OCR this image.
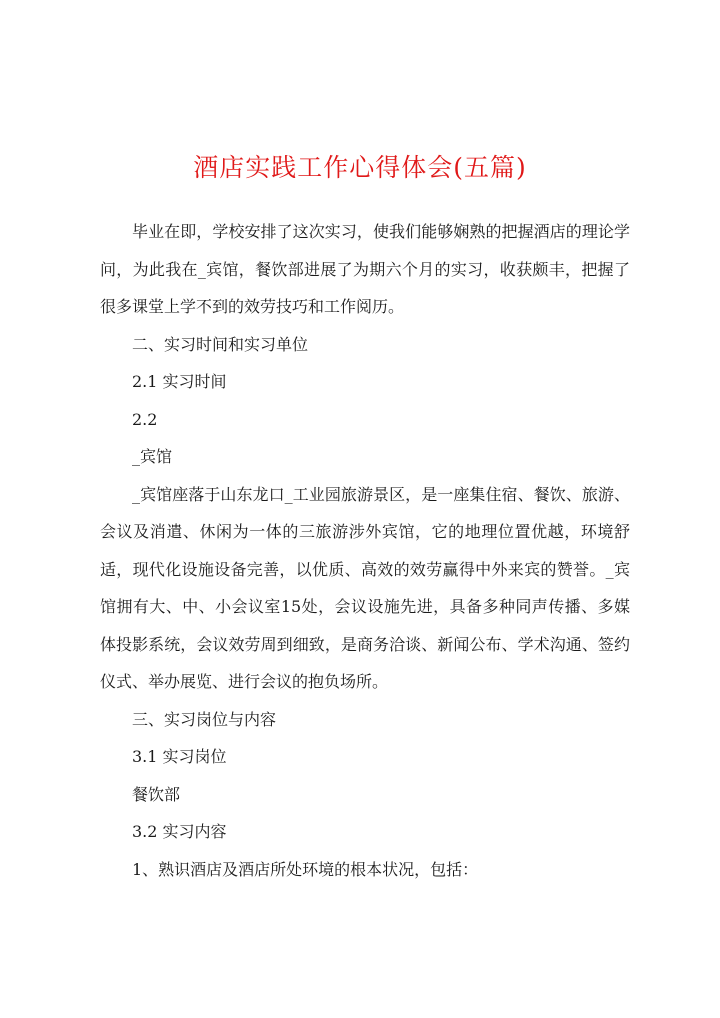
酒店实践工作心得体会(五篇)

毕业在即，学校安排了这次实习，使我们能够娴熟的把握酒店的理论学问，为此我在_宾馆，餐饮部进展了为期六个月的实习，收获颇丰，把握了很多课堂上学不到的效劳技巧和工作阅历。

二、实习时间和实习单位

2.1 实习时间

2.2

_宾馆

_宾馆座落于山东龙口_工业园旅游景区，是一座集住宿、餐饮、旅游、会议及消遣、休闲为一体的三旅游涉外宾馆，它的地理位置优越，环境舒适，现代化设施设备完善，以优质、高效的效劳赢得中外来宾的赞誉。_宾馆拥有大、中、小会议室15处，会议设施先进，具备多种同声传播、多媒体投影系统，会议效劳周到细致，是商务洽谈、新闻公布、学术沟通、签约仪式、举办展览、进行会议的抱负场所。

三、实习岗位与内容

3.1 实习岗位

餐饮部

3.2 实习内容

1、熟识酒店及酒店所处环境的根本状况，包括：
